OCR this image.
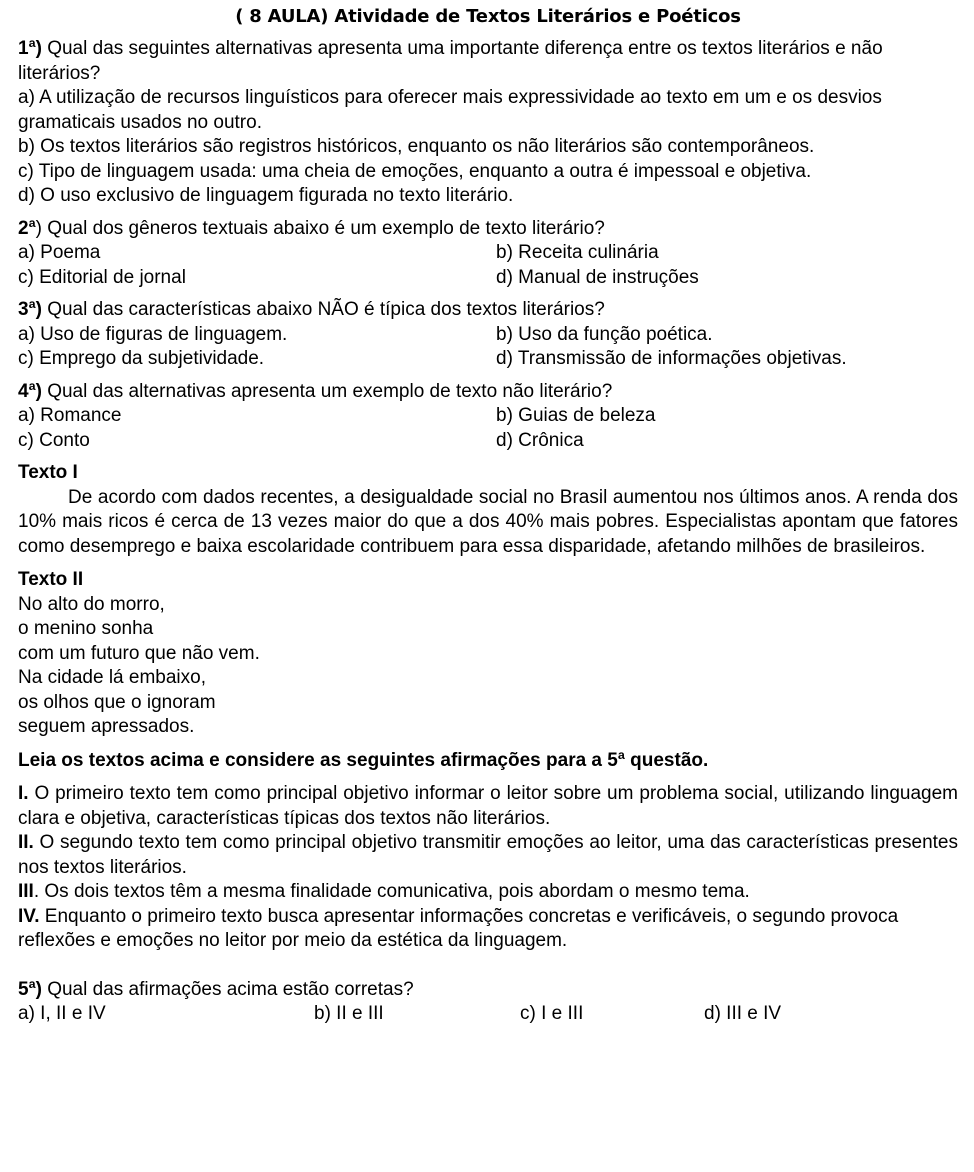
( 8 AULA) Atividade de Textos Literários e Poéticos

1ª) Qual das seguintes alternativas apresenta uma importante diferença entre os textos literários e não literários?

a) A utilização de recursos linguísticos para oferecer mais expressividade ao texto em um e os desvios gramaticais usados no outro.

b) Os textos literários são registros históricos, enquanto os não literários são contemporâneos.

c) Tipo de linguagem usada: uma cheia de emoções, enquanto a outra é impessoal e objetiva.

d) O uso exclusivo de linguagem figurada no texto literário.

2ª) Qual dos gêneros textuais abaixo é um exemplo de texto literário?

a) Poema	b) Receita culinária
c) Editorial de jornal	d) Manual de instruções

3ª) Qual das características abaixo NÃO é típica dos textos literários?

a) Uso de figuras de linguagem.	b) Uso da função poética.
c) Emprego da subjetividade.	d) Transmissão de informações objetivas.

4ª) Qual das alternativas apresenta um exemplo de texto não literário?

a) Romance	b) Guias de beleza
c) Conto	d) Crônica

Texto I

De acordo com dados recentes, a desigualdade social no Brasil aumentou nos últimos anos. A renda dos 10% mais ricos é cerca de 13 vezes maior do que a dos 40% mais pobres. Especialistas apontam que fatores como desemprego e baixa escolaridade contribuem para essa disparidade, afetando milhões de brasileiros.

Texto II

No alto do morro,

o menino sonha

com um futuro que não vem.

Na cidade lá embaixo,

os olhos que o ignoram

seguem apressados.

Leia os textos acima e considere as seguintes afirmações para a 5ª questão.

I. O primeiro texto tem como principal objetivo informar o leitor sobre um problema social, utilizando linguagem clara e objetiva, características típicas dos textos não literários.

II. O segundo texto tem como principal objetivo transmitir emoções ao leitor, uma das características presentes nos textos literários.

III. Os dois textos têm a mesma finalidade comunicativa, pois abordam o mesmo tema.

IV. Enquanto o primeiro texto busca apresentar informações concretas e verificáveis, o segundo provoca reflexões e emoções no leitor por meio da estética da linguagem.

5ª) Qual das afirmações acima estão corretas?

a) I, II e IV	b) II e III	c) I e III	d) III e IV
